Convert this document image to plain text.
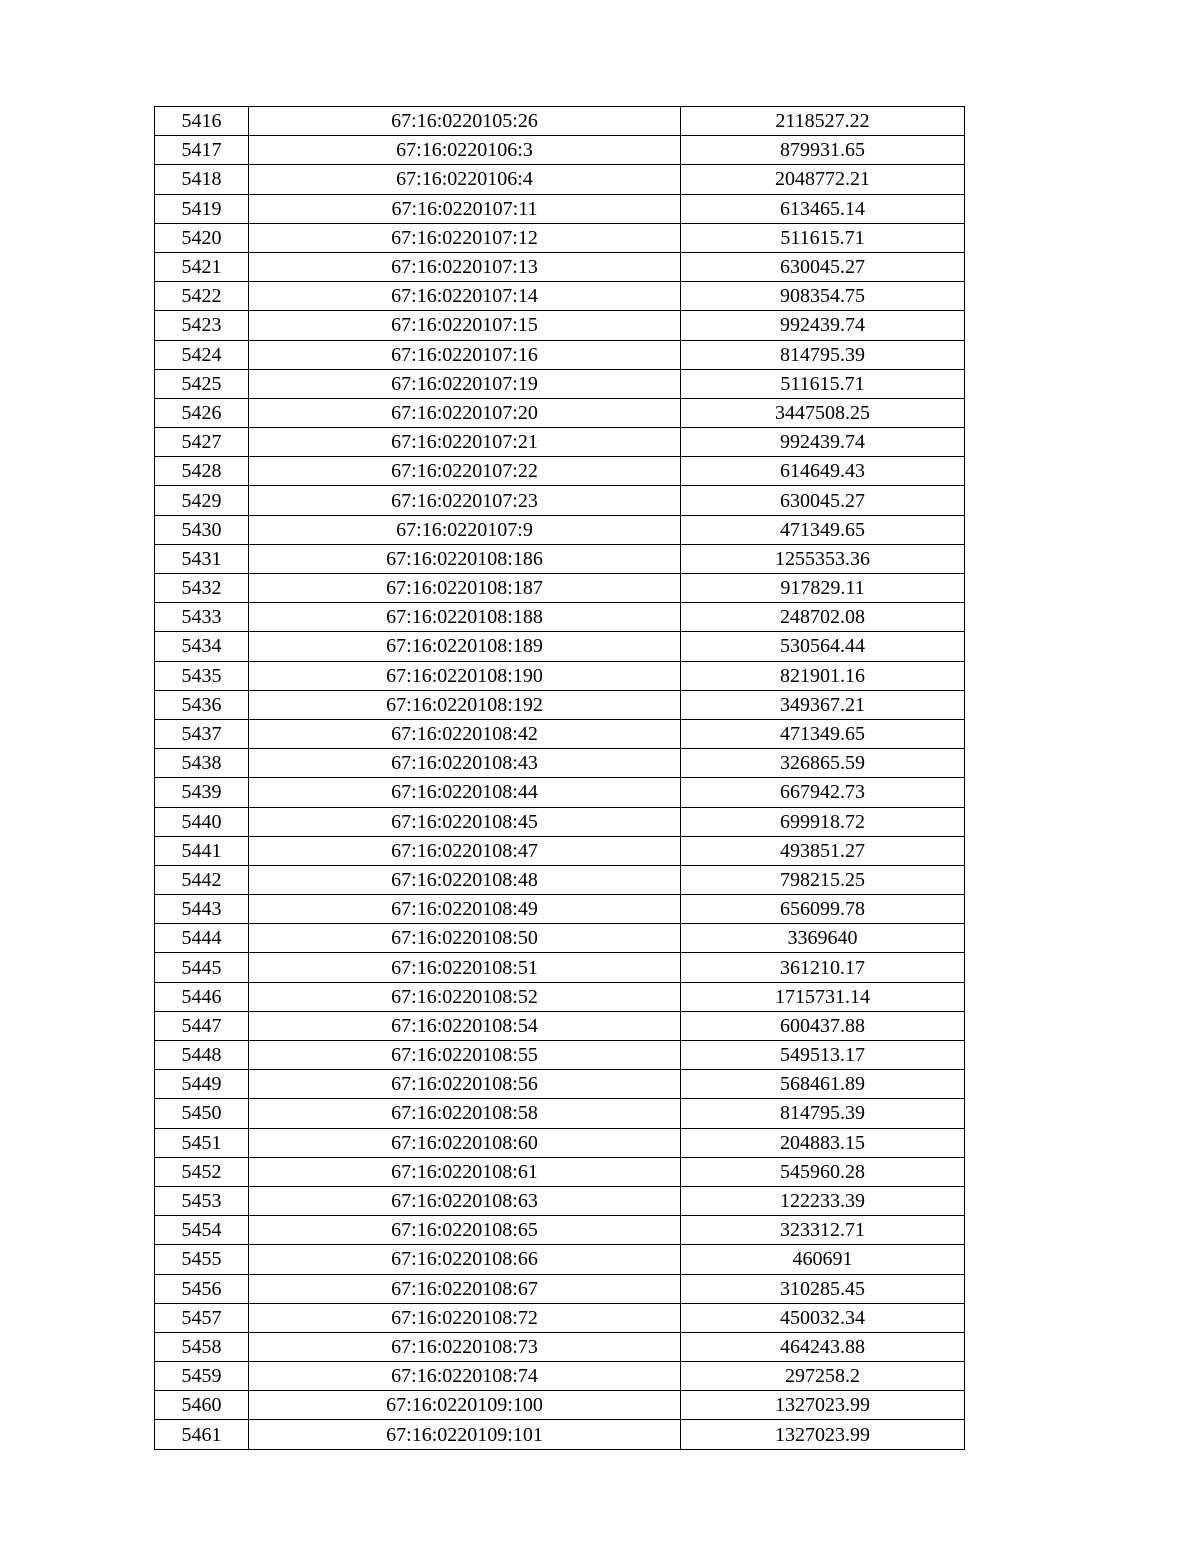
5416	67:16:0220105:26	2118527.22
5417	67:16:0220106:3	879931.65
5418	67:16:0220106:4	2048772.21
5419	67:16:0220107:11	613465.14
5420	67:16:0220107:12	511615.71
5421	67:16:0220107:13	630045.27
5422	67:16:0220107:14	908354.75
5423	67:16:0220107:15	992439.74
5424	67:16:0220107:16	814795.39
5425	67:16:0220107:19	511615.71
5426	67:16:0220107:20	3447508.25
5427	67:16:0220107:21	992439.74
5428	67:16:0220107:22	614649.43
5429	67:16:0220107:23	630045.27
5430	67:16:0220107:9	471349.65
5431	67:16:0220108:186	1255353.36
5432	67:16:0220108:187	917829.11
5433	67:16:0220108:188	248702.08
5434	67:16:0220108:189	530564.44
5435	67:16:0220108:190	821901.16
5436	67:16:0220108:192	349367.21
5437	67:16:0220108:42	471349.65
5438	67:16:0220108:43	326865.59
5439	67:16:0220108:44	667942.73
5440	67:16:0220108:45	699918.72
5441	67:16:0220108:47	493851.27
5442	67:16:0220108:48	798215.25
5443	67:16:0220108:49	656099.78
5444	67:16:0220108:50	3369640
5445	67:16:0220108:51	361210.17
5446	67:16:0220108:52	1715731.14
5447	67:16:0220108:54	600437.88
5448	67:16:0220108:55	549513.17
5449	67:16:0220108:56	568461.89
5450	67:16:0220108:58	814795.39
5451	67:16:0220108:60	204883.15
5452	67:16:0220108:61	545960.28
5453	67:16:0220108:63	122233.39
5454	67:16:0220108:65	323312.71
5455	67:16:0220108:66	460691
5456	67:16:0220108:67	310285.45
5457	67:16:0220108:72	450032.34
5458	67:16:0220108:73	464243.88
5459	67:16:0220108:74	297258.2
5460	67:16:0220109:100	1327023.99
5461	67:16:0220109:101	1327023.99
